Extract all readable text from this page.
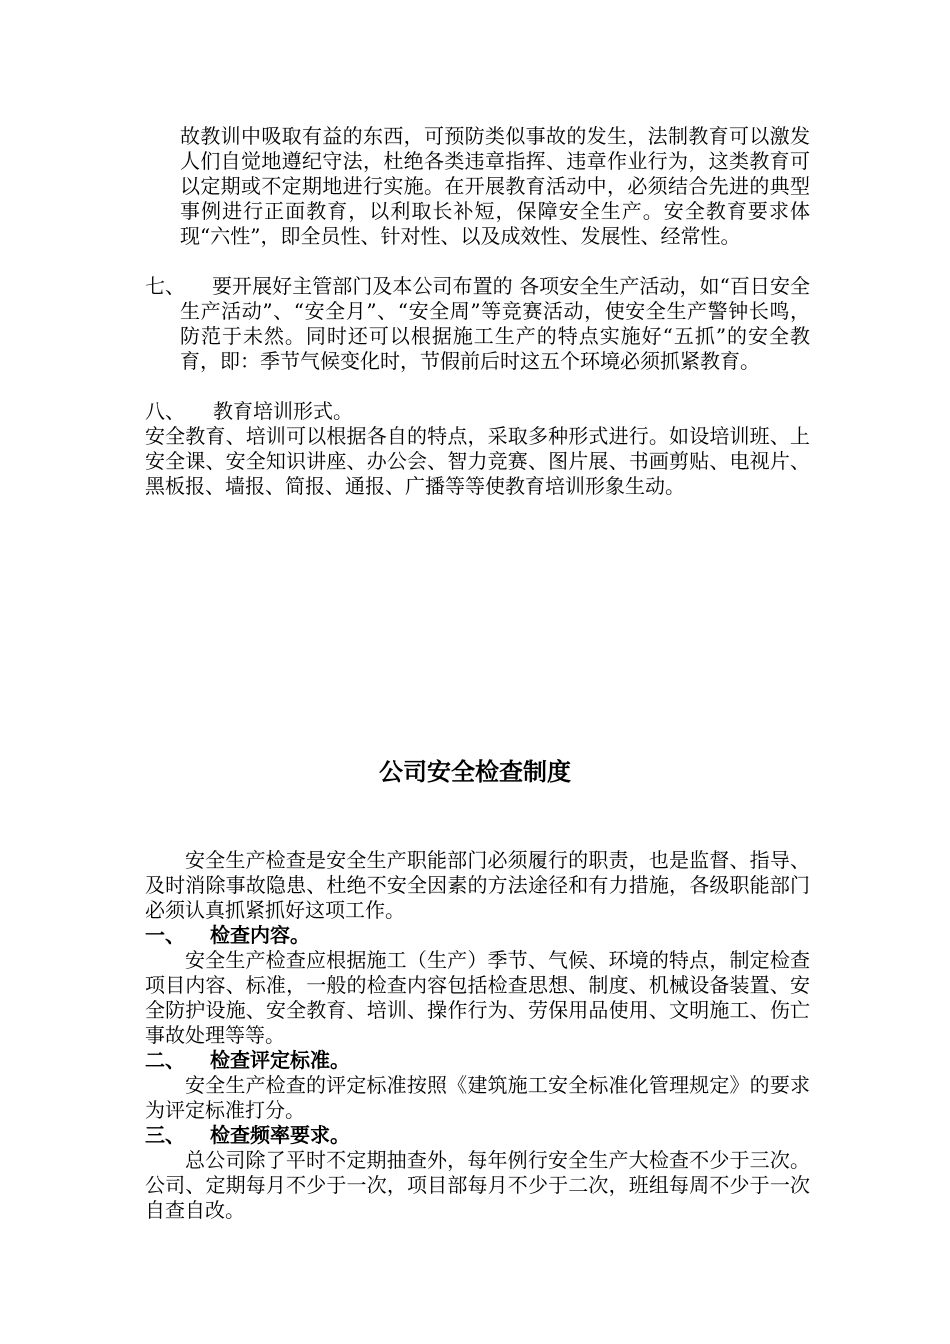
故教训中吸取有益的东西，可预防类似事故的发生，法制教育可以激发人们自觉地遵纪守法，杜绝各类违章指挥、违章作业行为，这类教育可以定期或不定期地进行实施。在开展教育活动中，必须结合先进的典型事例进行正面教育，以利取长补短，保障安全生产。安全教育要求体现“六性”，即全员性、针对性、以及成效性、发展性、经常性。

七、 要开展好主管部门及本公司布置的 各项安全生产活动，如“百日安全生产活动”、“安全月”、“安全周”等竞赛活动，使安全生产警钟长鸣，防范于未然。同时还可以根据施工生产的特点实施好“五抓”的安全教育，即：季节气候变化时，节假前后时这五个环境必须抓紧教育。
八、 教育培训形式。

安全教育、培训可以根据各自的特点，采取多种形式进行。如设培训班、上安全课、安全知识讲座、办公会、智力竞赛、图片展、书画剪贴、电视片、黑板报、墙报、简报、通报、广播等等使教育培训形象生动。

公司安全检查制度

安全生产检查是安全生产职能部门必须履行的职责，也是监督、指导、及时消除事故隐患、杜绝不安全因素的方法途径和有力措施，各级职能部门必须认真抓紧抓好这项工作。

一、 检查内容。

安全生产检查应根据施工（生产）季节、气候、环境的特点，制定检查项目内容、标准，一般的检查内容包括检查思想、制度、机械设备装置、安全防护设施、安全教育、培训、操作行为、劳保用品使用、文明施工、伤亡事故处理等等。

二、 检查评定标准。

安全生产检查的评定标准按照《建筑施工安全标准化管理规定》的要求为评定标准打分。

三、 检查频率要求。

总公司除了平时不定期抽查外，每年例行安全生产大检查不少于三次。公司、定期每月不少于一次，项目部每月不少于二次，班组每周不少于一次自查自改。
